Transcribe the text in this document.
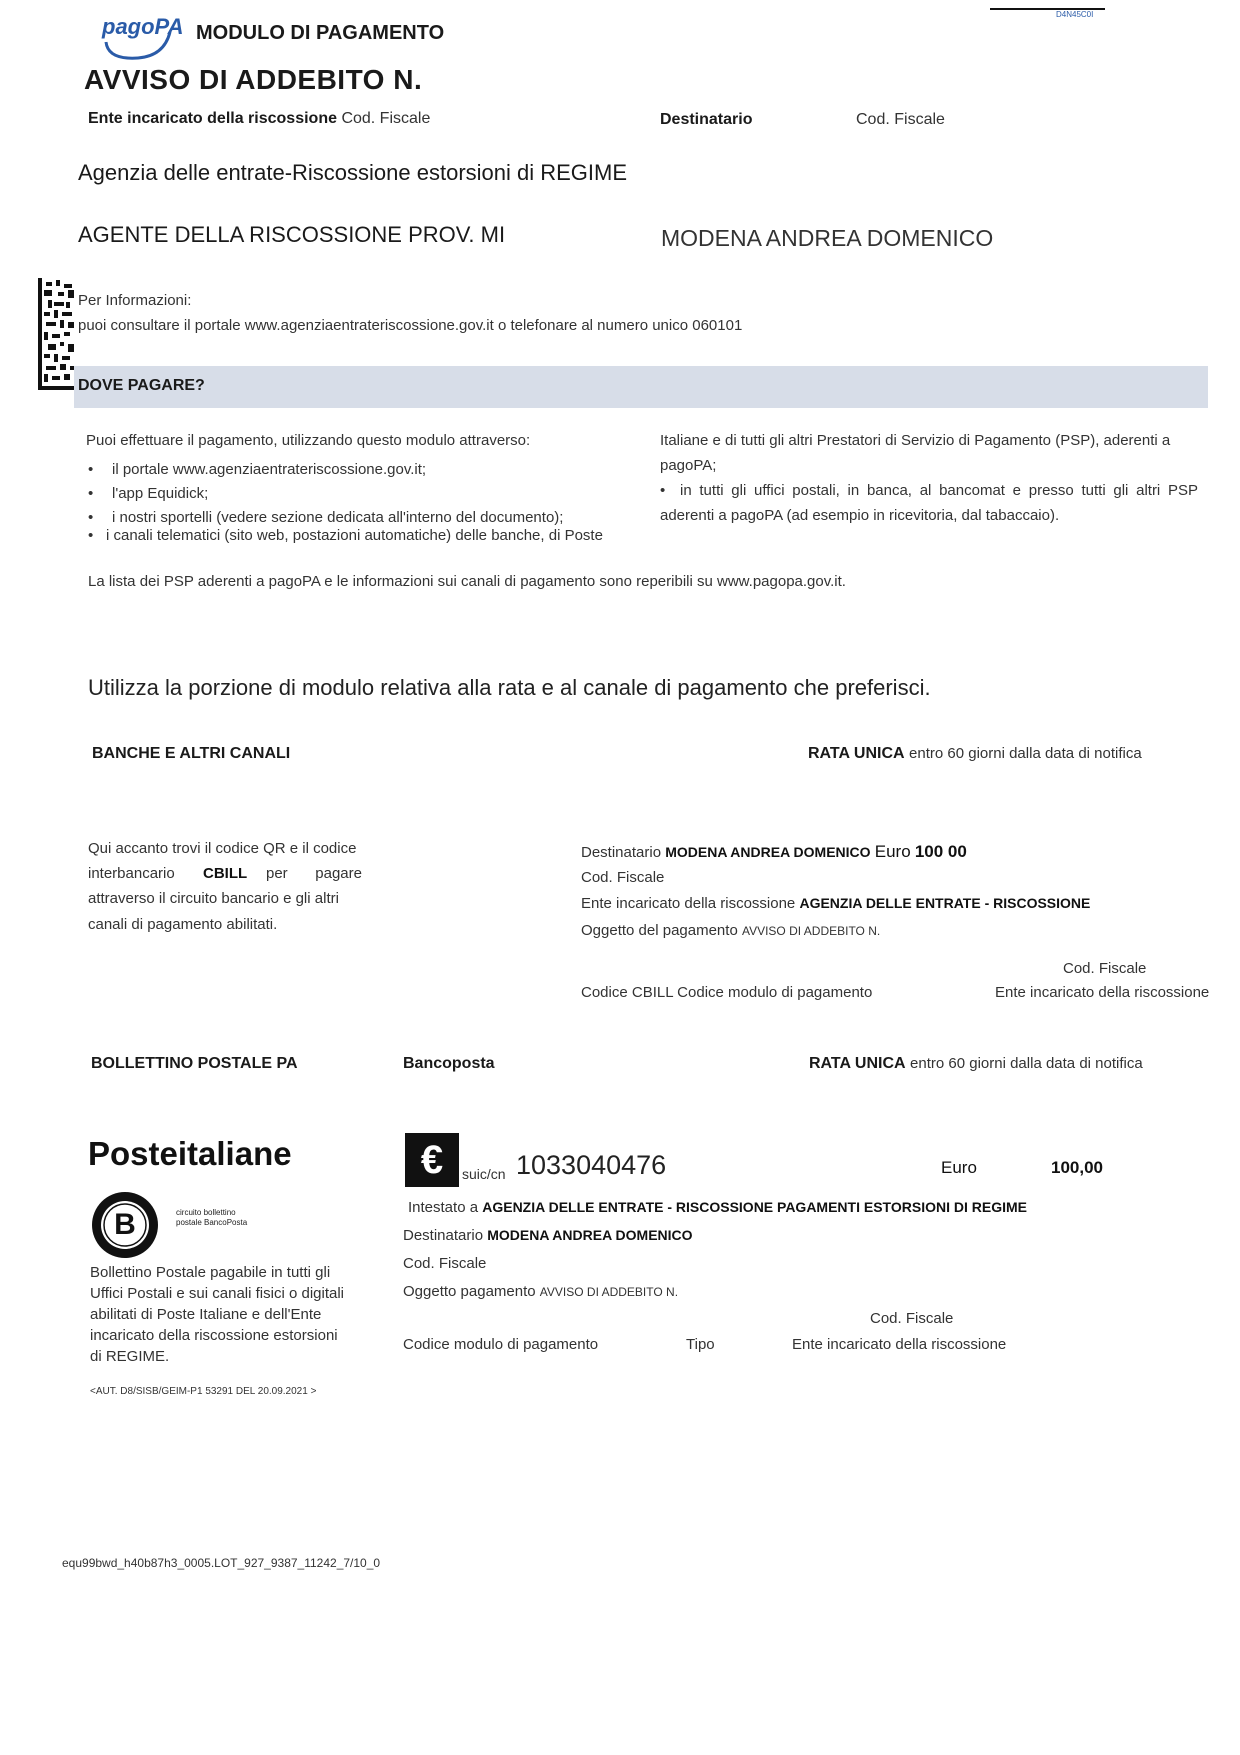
pagoPA MODULO DI PAGAMENTO
D4N45C0I
AVVISO DI ADDEBITO N.
Ente incaricato della riscossione Cod. Fiscale	Destinatario	Cod. Fiscale
Agenzia delle entrate-Riscossione estorsioni di REGIME
AGENTE DELLA RISCOSSIONE PROV. MI	MODENA ANDREA DOMENICO
Per Informazioni:
puoi consultare il portale www.agenziaentrateriscossione.gov.it o telefonare al numero unico 060101
DOVE PAGARE?
Puoi effettuare il pagamento, utilizzando questo modulo attraverso:
• il portale www.agenziaentrateriscossione.gov.it;
• l'app Equidick;
• i nostri sportelli (vedere sezione dedicata all'interno del documento);
• i canali telematici (sito web, postazioni automatiche) delle banche, di Poste
Italiane e di tutti gli altri Prestatori di Servizio di Pagamento (PSP), aderenti a
pagoPA;
• in tutti gli uffici postali, in banca, al bancomat e presso tutti gli altri PSP aderenti a pagoPA (ad esempio in ricevitoria, dal tabaccaio).
La lista dei PSP aderenti a pagoPA e le informazioni sui canali di pagamento sono reperibili su www.pagopa.gov.it.
Utilizza la porzione di modulo relativa alla rata e al canale di pagamento che preferisci.
BANCHE E ALTRI CANALI	RATA UNICA entro 60 giorni dalla data di notifica
Qui accanto trovi il codice QR e il codice
interbancario CBILL per pagare
attraverso il circuito bancario e gli altri
canali di pagamento abilitati.
Destinatario MODENA ANDREA DOMENICO Euro 100 00
Cod. Fiscale
Ente incaricato della riscossione AGENZIA DELLE ENTRATE - RISCOSSIONE
Oggetto del pagamento AVVISO DI ADDEBITO N.
Cod. Fiscale
Codice CBILL Codice modulo di pagamento	Ente incaricato della riscossione
BOLLETTINO POSTALE PA	Bancoposta	RATA UNICA entro 60 giorni dalla data di notifica
Posteitaliane
B	circuito bollettino postale BancoPosta
Bollettino Postale pagabile in tutti gli Uffici Postali e sui canali fisici o digitali abilitati di Poste Italiane e dell'Ente incaricato della riscossione estorsioni di REGIME.
<AUT. D8/SISB/GEIM-P1 53291 DEL 20.09.2021 >
€	suic/cn 1033040476	Euro	100,00
Intestato a AGENZIA DELLE ENTRATE - RISCOSSIONE PAGAMENTI ESTORSIONI DI REGIME
Destinatario MODENA ANDREA DOMENICO
Cod. Fiscale
Oggetto pagamento AVVISO DI ADDEBITO N.
Cod. Fiscale
Codice modulo di pagamento	Tipo	Ente incaricato della riscossione
equ99bwd_h40b87h3_0005.LOT_927_9387_11242_7/10_0
